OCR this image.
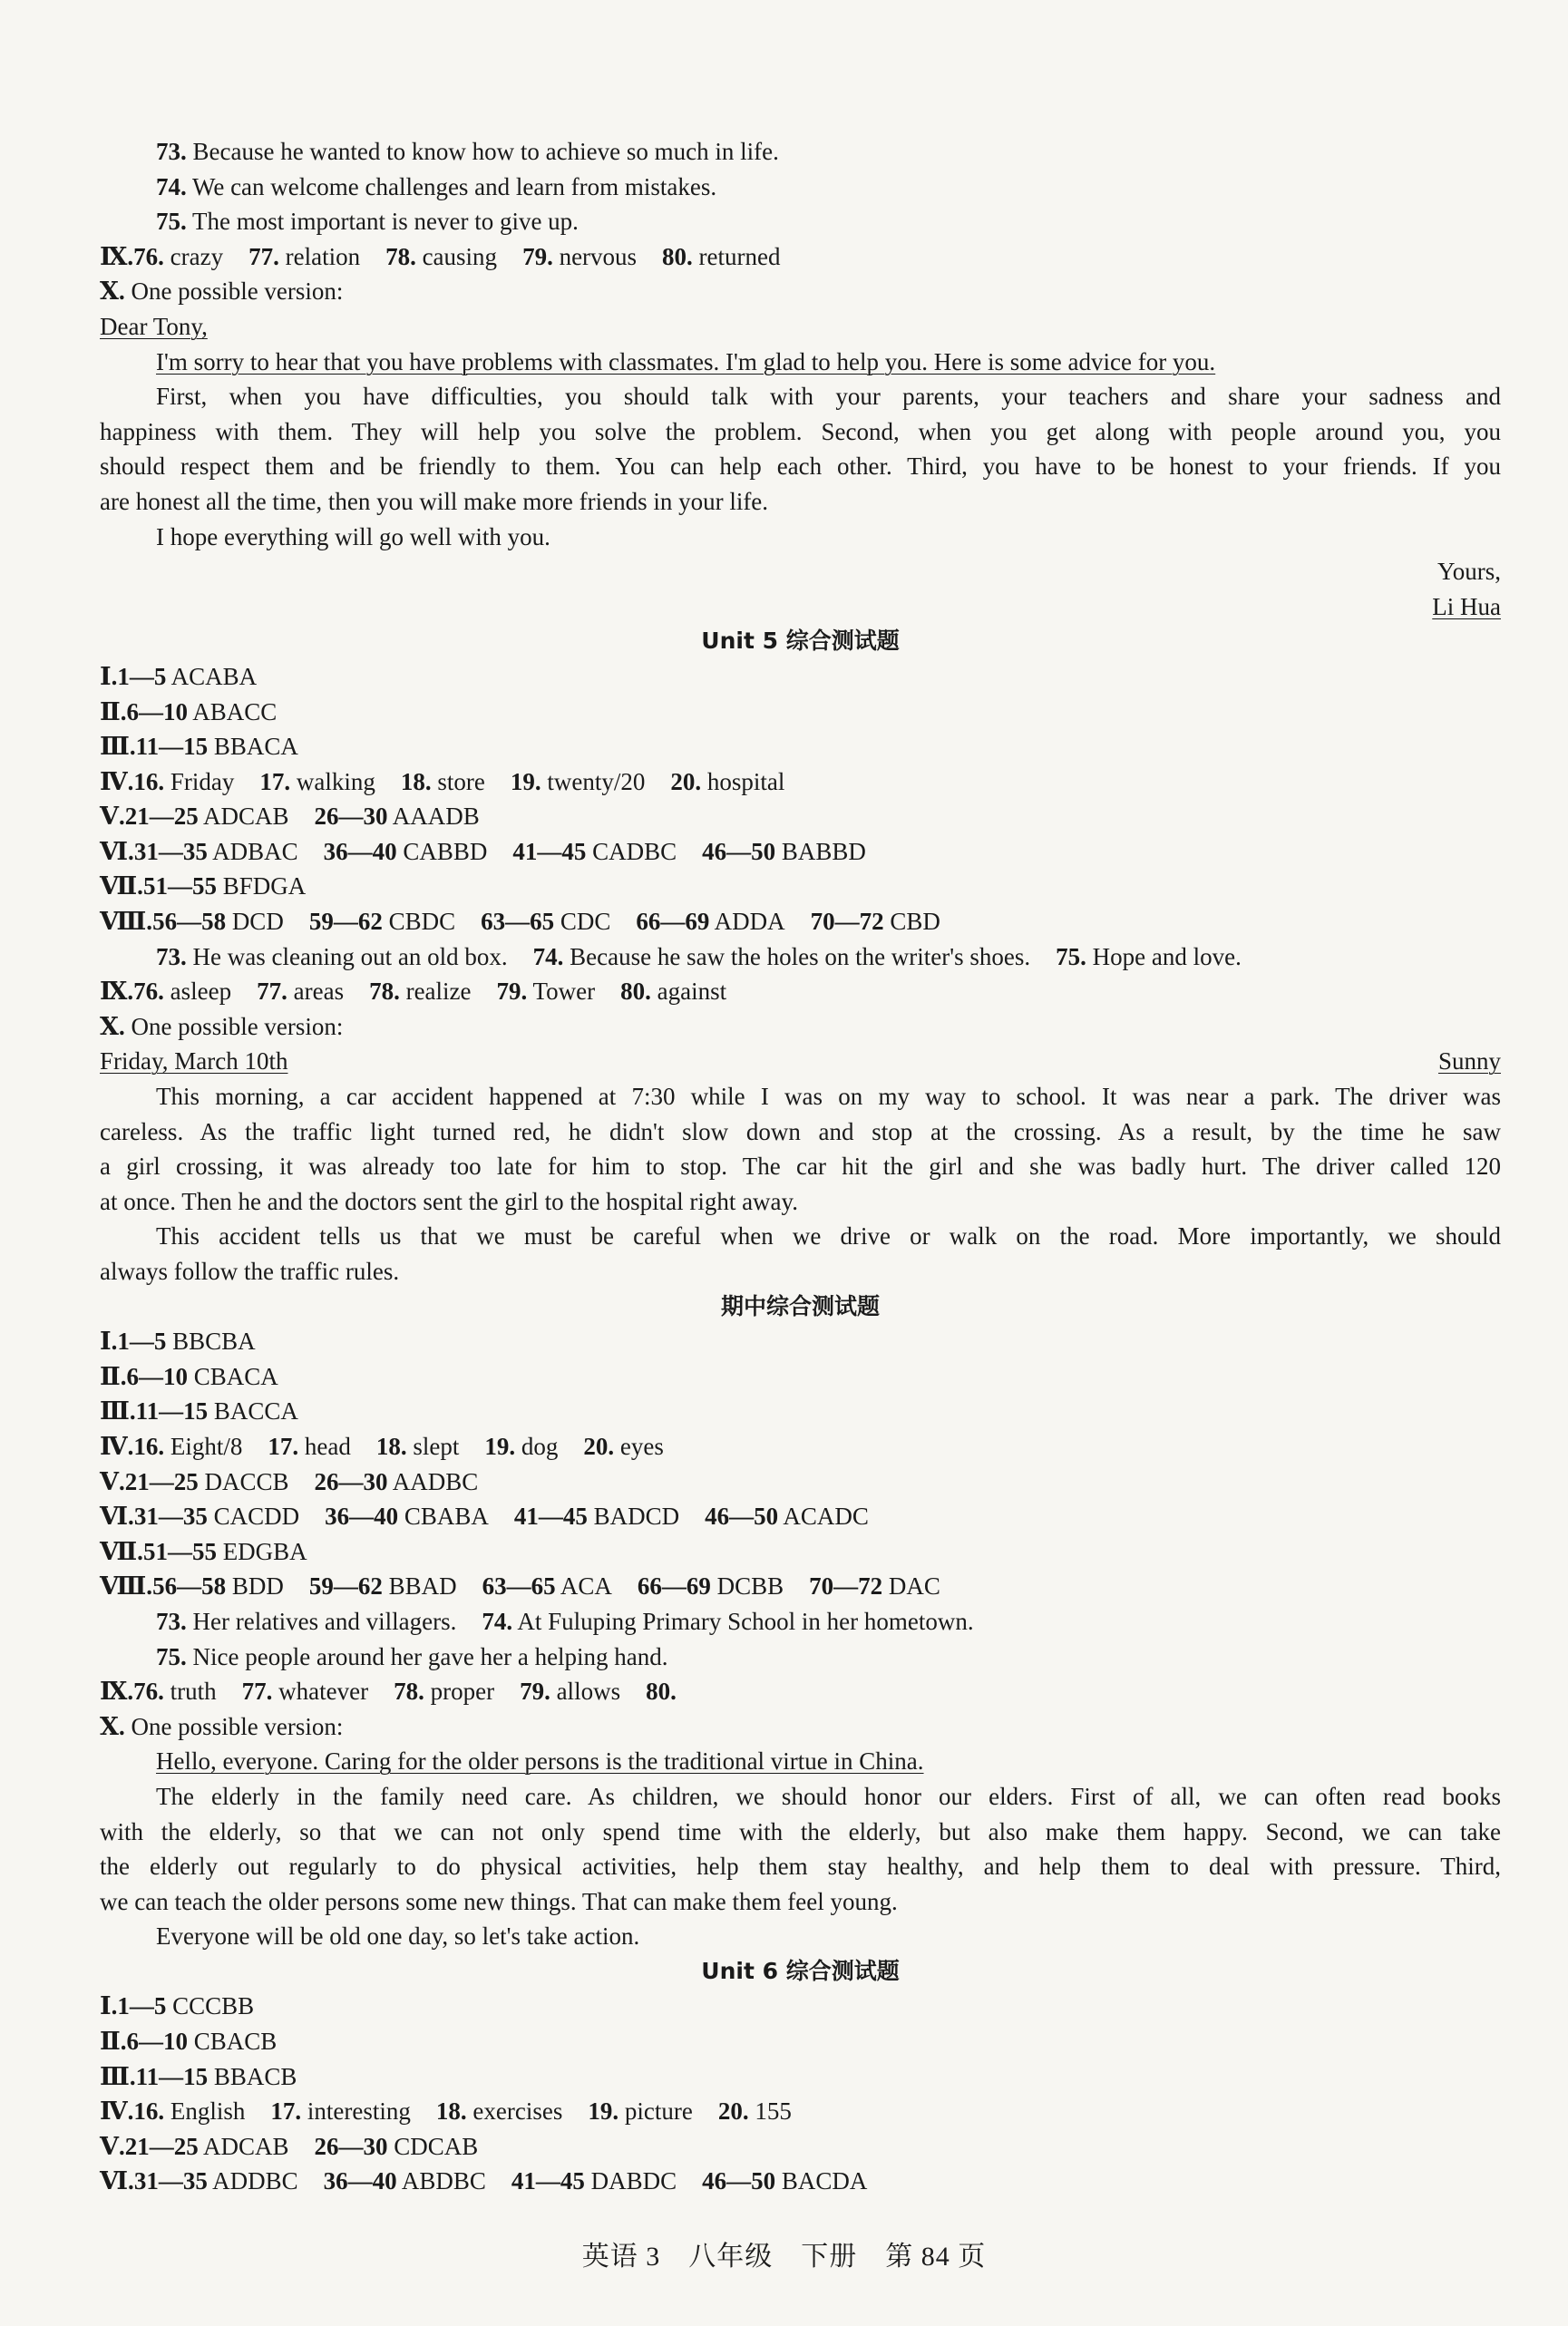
73. Because he wanted to know how to achieve so much in life.
74. We can welcome challenges and learn from mistakes.
75. The most important is never to give up.
Ⅸ.76. crazy 77. relation 78. causing 79. nervous 80. returned
Ⅹ. One possible version:
Dear Tony,
I'm sorry to hear that you have problems with classmates. I'm glad to help you. Here is some advice for you.
First, when you have difficulties, you should talk with your parents, your teachers and share your sadness and
happiness with them. They will help you solve the problem. Second, when you get along with people around you, you
should respect them and be friendly to them. You can help each other. Third, you have to be honest to your friends. If you
are honest all the time, then you will make more friends in your life.
I hope everything will go well with you.
Yours,
Li Hua
Unit 5 综合测试题
Ⅰ.1—5 ACABA
Ⅱ.6—10 ABACC
Ⅲ.11—15 BBACA
Ⅳ.16. Friday 17. walking 18. store 19. twenty/20 20. hospital
Ⅴ.21—25 ADCAB 26—30 AAADB
Ⅵ.31—35 ADBAC 36—40 CABBD 41—45 CADBC 46—50 BABBD
Ⅶ.51—55 BFDGA
Ⅷ.56—58 DCD 59—62 CBDC 63—65 CDC 66—69 ADDA 70—72 CBD
73. He was cleaning out an old box. 74. Because he saw the holes on the writer's shoes. 75. Hope and love.
Ⅸ.76. asleep 77. areas 78. realize 79. Tower 80. against
Ⅹ. One possible version:
Friday, March 10th	Sunny
This morning, a car accident happened at 7:30 while I was on my way to school. It was near a park. The driver was
careless. As the traffic light turned red, he didn't slow down and stop at the crossing. As a result, by the time he saw
a girl crossing, it was already too late for him to stop. The car hit the girl and she was badly hurt. The driver called 120
at once. Then he and the doctors sent the girl to the hospital right away.
This accident tells us that we must be careful when we drive or walk on the road. More importantly, we should
always follow the traffic rules.
期中综合测试题
Ⅰ.1—5 BBCBA
Ⅱ.6—10 CBACA
Ⅲ.11—15 BACCA
Ⅳ.16. Eight/8 17. head 18. slept 19. dog 20. eyes
Ⅴ.21—25 DACCB 26—30 AADBC
Ⅵ.31—35 CACDD 36—40 CBABA 41—45 BADCD 46—50 ACADC
Ⅶ.51—55 EDGBA
Ⅷ.56—58 BDD 59—62 BBAD 63—65 ACA 66—69 DCBB 70—72 DAC
73. Her relatives and villagers. 74. At Fuluping Primary School in her hometown.
75. Nice people around her gave her a helping hand.
Ⅸ.76. truth 77. whatever 78. proper 79. allows 80.
Ⅹ. One possible version:
Hello, everyone. Caring for the older persons is the traditional virtue in China.
The elderly in the family need care. As children, we should honor our elders. First of all, we can often read books
with the elderly, so that we can not only spend time with the elderly, but also make them happy. Second, we can take
the elderly out regularly to do physical activities, help them stay healthy, and help them to deal with pressure. Third,
we can teach the older persons some new things. That can make them feel young.
Everyone will be old one day, so let's take action.
Unit 6 综合测试题
Ⅰ.1—5 CCCBB
Ⅱ.6—10 CBACB
Ⅲ.11—15 BBACB
Ⅳ.16. English 17. interesting 18. exercises 19. picture 20. 155
Ⅴ.21—25 ADCAB 26—30 CDCAB
Ⅵ.31—35 ADDBC 36—40 ABDBC 41—45 DABDC 46—50 BACDA
英语 3　八年级　下册　第 84 页
